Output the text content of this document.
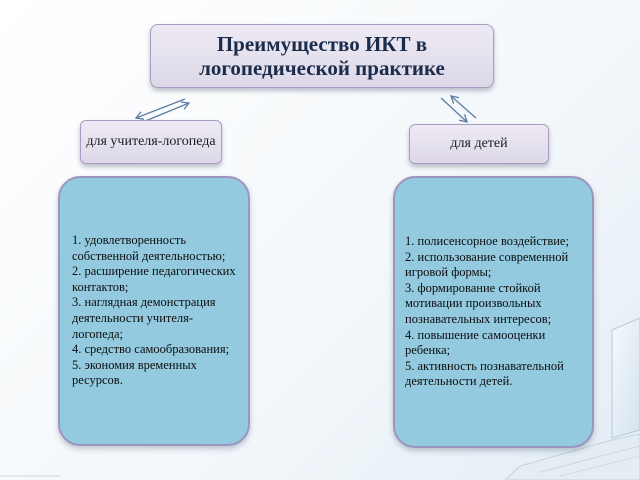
Преимущество ИКТ в логопедической практике
для учителя-логопеда	для детей
1. удовлетворенность собственной деятельностью;
2. расширение педагогических контактов;
3. наглядная демонстрация деятельности учителя-логопеда;
4. средство самообразования;
5. экономия временных ресурсов.
1. полисенсорное воздействие;
2. использование современной игровой формы;
3. формирование стойкой мотивации произвольных познавательных интересов;
4. повышение самооценки ребенка;
5. активность познавательной деятельности детей.
